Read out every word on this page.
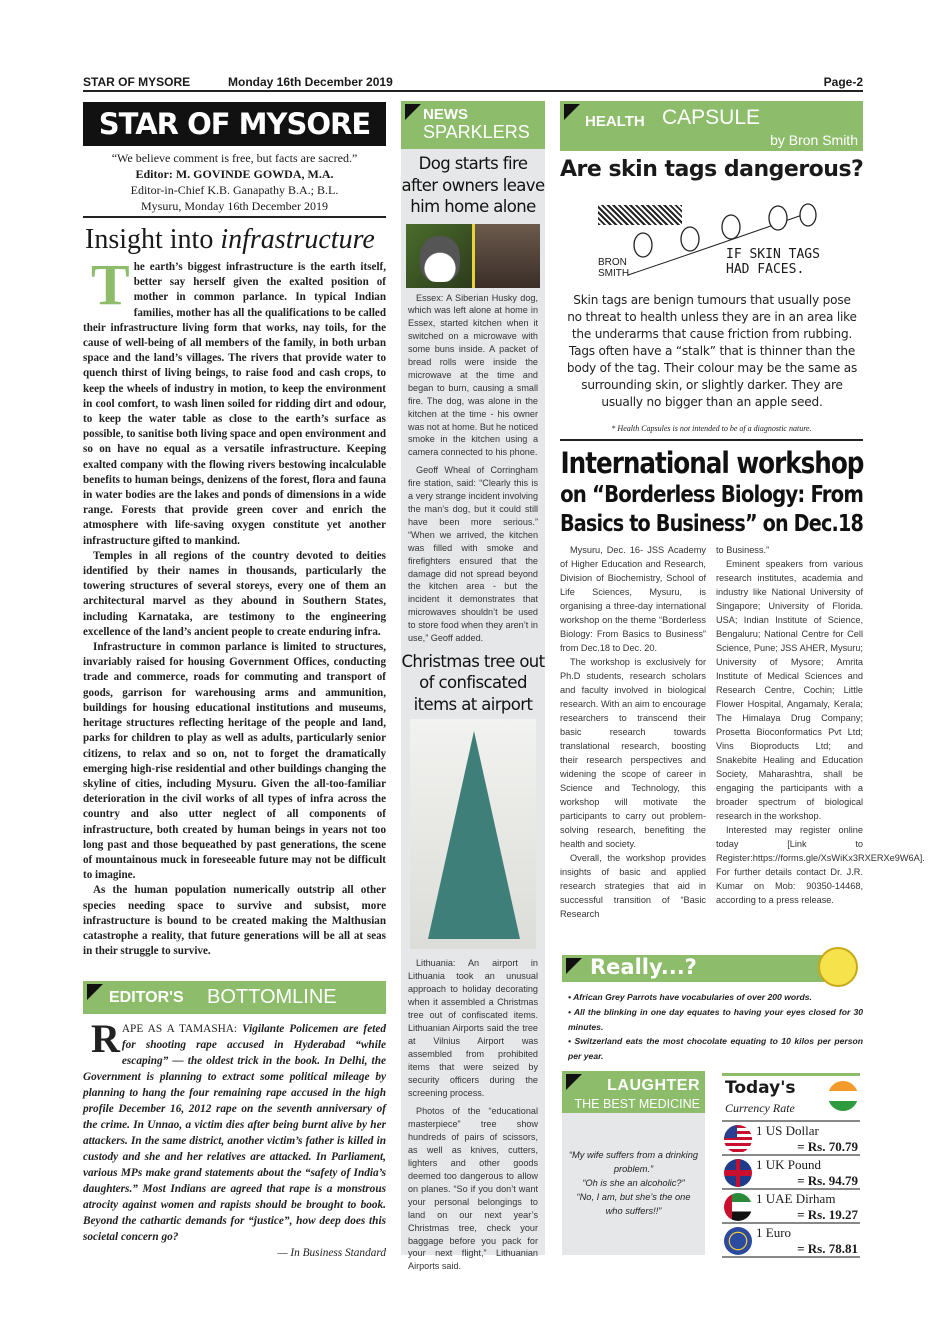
STAR OF MYSORE	Monday 16th December 2019	Page-2
STAR OF MYSORE
“We believe comment is free, but facts are sacred.”
Editor: M. GOVINDE GOWDA, M.A.
Editor-in-Chief K.B. Ganapathy B.A.; B.L.
Mysuru, Monday 16th December 2019
Insight into infrastructure
T he earth’s biggest infrastructure is the earth itself, better say herself given the exalted position of mother in common parlance. In typical Indian families, mother has all the qualifications to be called their infrastructure living form that works, nay toils, for the cause of well-being of all members of the family, in both urban space and the land’s villages. The rivers that provide water to quench thirst of living beings, to raise food and cash crops, to keep the wheels of industry in motion, to keep the environment in cool comfort, to wash linen soiled for ridding dirt and odour, to keep the water table as close to the earth’s surface as possible, to sanitise both living space and open environment and so on have no equal as a versatile infrastructure. Keeping exalted company with the flowing rivers bestowing incalculable benefits to human beings, denizens of the forest, flora and fauna in water bodies are the lakes and ponds of dimensions in a wide range. Forests that provide green cover and enrich the atmosphere with life-saving oxygen constitute yet another infrastructure gifted to mankind.

Temples in all regions of the country devoted to deities identified by their names in thousands, particularly the towering structures of several storeys, every one of them an architectural marvel as they abound in Southern States, including Karnataka, are testimony to the engineering excellence of the land’s ancient people to create enduring infra.

Infrastructure in common parlance is limited to structures, invariably raised for housing Government Offices, conducting trade and commerce, roads for commuting and transport of goods, garrison for warehousing arms and ammunition, buildings for housing educational institutions and museums, heritage structures reflecting heritage of the people and land, parks for children to play as well as adults, particularly senior citizens, to relax and so on, not to forget the dramatically emerging high-rise residential and other buildings changing the skyline of cities, including Mysuru. Given the all-too-familiar deterioration in the civil works of all types of infra across the country and also utter neglect of all components of infrastructure, both created by human beings in years not too long past and those bequeathed by past generations, the scene of mountainous muck in foreseeable future may not be difficult to imagine.

As the human population numerically outstrip all other species needing space to survive and subsist, more infrastructure is bound to be created making the Malthusian catastrophe a reality, that future generations will be all at seas in their struggle to survive.

EDITOR'S BOTTOMLINE
R APE AS A TAMASHA: Vigilante Policemen are feted for shooting rape accused in Hyderabad “while escaping” — the oldest trick in the book. In Delhi, the Government is planning to extract some political mileage by planning to hang the four remaining rape accused in the high profile December 16, 2012 rape on the seventh anniversary of the crime. In Unnao, a victim dies after being burnt alive by her attackers. In the same district, another victim’s father is killed in custody and she and her relatives are attacked. In Parliament, various MPs make grand statements about the “safety of India’s daughters.” Most Indians are agreed that rape is a monstrous atrocity against women and rapists should be brought to book. Beyond the cathartic demands for “justice”, how deep does this societal concern go?
— In Business Standard
NEWS
SPARKLERS
Dog starts fire after owners leave him home alone

Essex: A Siberian Husky dog, which was left alone at home in Essex, started kitchen when it switched on a microwave with some buns inside. A packet of bread rolls were inside the microwave at the time and began to burn, causing a small fire. The dog, was alone in the kitchen at the time - his owner was not at home. But he noticed smoke in the kitchen using a camera connected to his phone.

Geoff Wheal of Corringham fire station, said: “Clearly this is a very strange incident involving the man’s dog, but it could still have been more serious.” “When we arrived, the kitchen was filled with smoke and firefighters ensured that the damage did not spread beyond the kitchen area - but the incident it demonstrates that microwaves shouldn’t be used to store food when they aren’t in use,” Geoff added.

Christmas tree out of confiscated items at airport

Lithuania: An airport in Lithuania took an unusual approach to holiday decorating when it assembled a Christmas tree out of confiscated items. Lithuanian Airports said the tree at Vilnius Airport was assembled from prohibited items that were seized by security officers during the screening process.

Photos of the “educational masterpiece” tree show hundreds of pairs of scissors, as well as knives, cutters, lighters and other goods deemed too dangerous to allow on planes. “So if you don’t want your personal belongings to land on our next year’s Christmas tree, check your baggage before you pack for your next flight,” Lithuanian Airports said.

HEALTH CAPSULE
by Bron Smith
Are skin tags dangerous?
BRON SMITH
IF SKIN TAGS HAD FACES.
Skin tags are benign tumours that usually pose no threat to health unless they are in an area like the underarms that cause friction from rubbing. Tags often have a “stalk” that is thinner than the body of the tag. Their colour may be the same as surrounding skin, or slightly darker. They are usually no bigger than an apple seed.
* Health Capsules is not intended to be of a diagnostic nature.
International workshop
on “Borderless Biology: From
Basics to Business” on Dec.18

Mysuru, Dec. 16- JSS Academy of Higher Education and Research, Division of Biochemistry, School of Life Sciences, Mysuru, is organising a three-day international workshop on the theme “Borderless Biology: From Basics to Business” from Dec.18 to Dec. 20.

The workshop is exclusively for Ph.D students, research scholars and faculty involved in biological research. With an aim to encourage researchers to transcend their basic research towards translational research, boosting their research perspectives and widening the scope of career in Science and Technology, this workshop will motivate the participants to carry out problem-solving research, benefiting the health and society.

Overall, the workshop provides insights of basic and applied research strategies that aid in successful transition of “Basic Research

to Business.”

Eminent speakers from various research institutes, academia and industry like National University of Singapore; University of Florida. USA; Indian Institute of Science, Bengaluru; National Centre for Cell Science, Pune; JSS AHER, Mysuru; University of Mysore; Amrita Institute of Medical Sciences and Research Centre, Cochin; Little Flower Hospital, Angamaly, Kerala; The Himalaya Drug Company; Prosetta Bioconformatics Pvt Ltd; Vins Bioproducts Ltd; and Snakebite Healing and Education Society, Maharashtra, shall be engaging the participants with a broader spectrum of biological research in the workshop.

Interested may register online today [Link to Register:https://forms.gle/XsWiKx3RXERXe9W6A]. For further details contact Dr. J.R. Kumar on Mob: 90350-14468, according to a press release.

Really...?
• African Grey Parrots have vocabularies of over 200 words.
• All the blinking in one day equates to having your eyes closed for 30 minutes.
• Switzerland eats the most chocolate equating to 10 kilos per person per year.
LAUGHTER
THE BEST MEDICINE
“My wife suffers from a drinking problem.”
“Oh is she an alcoholic?”
“No, I am, but she’s the one who suffers!!”
Today's
Currency Rate
1 US Dollar
= Rs. 70.79
1 UK Pound
= Rs. 94.79
1 UAE Dirham
= Rs. 19.27
1 Euro
= Rs. 78.81
